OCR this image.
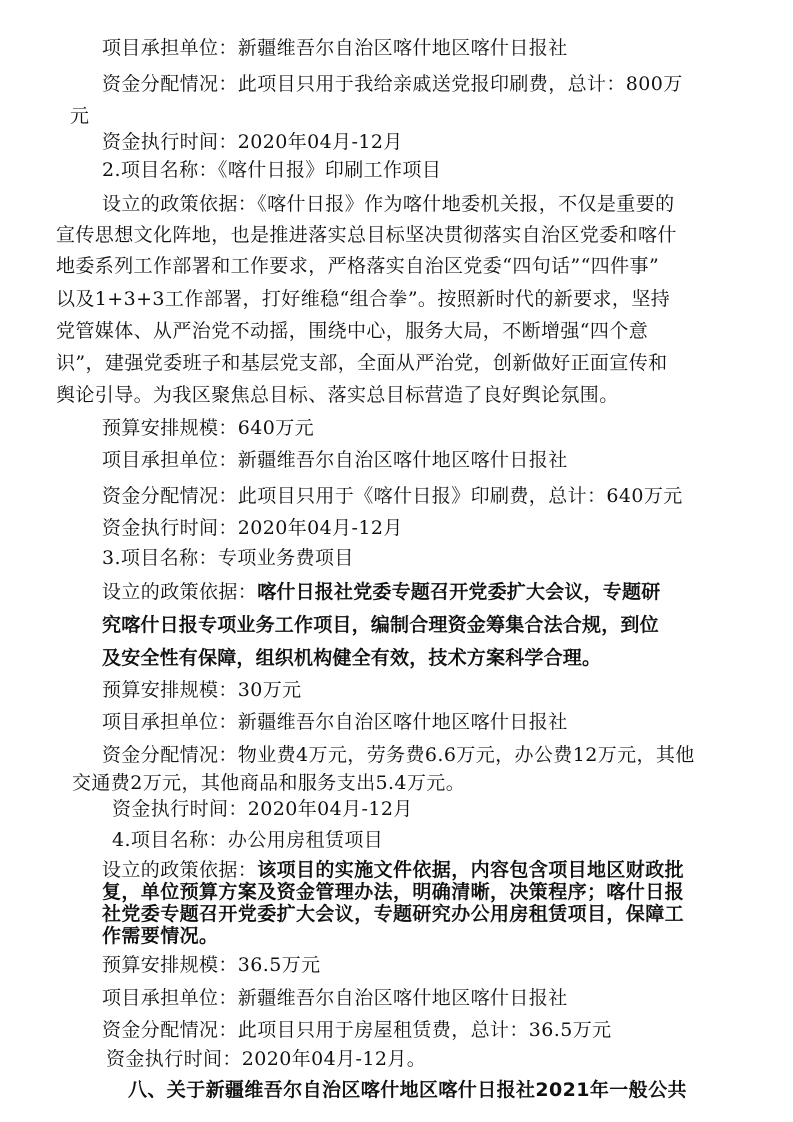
项目承担单位：新疆维吾尔自治区喀什地区喀什日报社
资金分配情况：此项目只用于我给亲戚送党报印刷费，总计：800万
元
资金执行时间：2020年04月-12月
2.项目名称：《喀什日报》印刷工作项目
设立的政策依据：《喀什日报》作为喀什地委机关报，不仅是重要的
宣传思想文化阵地，也是推进落实总目标坚决贯彻落实自治区党委和喀什
地委系列工作部署和工作要求，严格落实自治区党委“四句话”“四件事”
以及1+3+3工作部署，打好维稳“组合拳”。按照新时代的新要求，坚持
党管媒体、从严治党不动摇，围绕中心，服务大局，不断增强“四个意
识”，建强党委班子和基层党支部，全面从严治党，创新做好正面宣传和
舆论引导。为我区聚焦总目标、落实总目标营造了良好舆论氛围。
预算安排规模：640万元
项目承担单位：新疆维吾尔自治区喀什地区喀什日报社
资金分配情况：此项目只用于《喀什日报》印刷费，总计：640万元
资金执行时间：2020年04月-12月
3.项目名称：专项业务费项目
设立的政策依据：喀什日报社党委专题召开党委扩大会议，专题研
究喀什日报专项业务工作项目，编制合理资金筹集合法合规，到位
及安全性有保障，组织机构健全有效，技术方案科学合理。
预算安排规模：30万元
项目承担单位：新疆维吾尔自治区喀什地区喀什日报社
资金分配情况：物业费4万元，劳务费6.6万元，办公费12万元，其他
交通费2万元，其他商品和服务支出5.4万元。
资金执行时间：2020年04月-12月
4.项目名称：办公用房租赁项目
设立的政策依据：该项目的实施文件依据，内容包含项目地区财政批
复，单位预算方案及资金管理办法，明确清晰，决策程序；喀什日报
社党委专题召开党委扩大会议，专题研究办公用房租赁项目，保障工
作需要情况。
预算安排规模：36.5万元
项目承担单位：新疆维吾尔自治区喀什地区喀什日报社
资金分配情况：此项目只用于房屋租赁费，总计：36.5万元
资金执行时间：2020年04月-12月。
八、关于新疆维吾尔自治区喀什地区喀什日报社2021年一般公共
